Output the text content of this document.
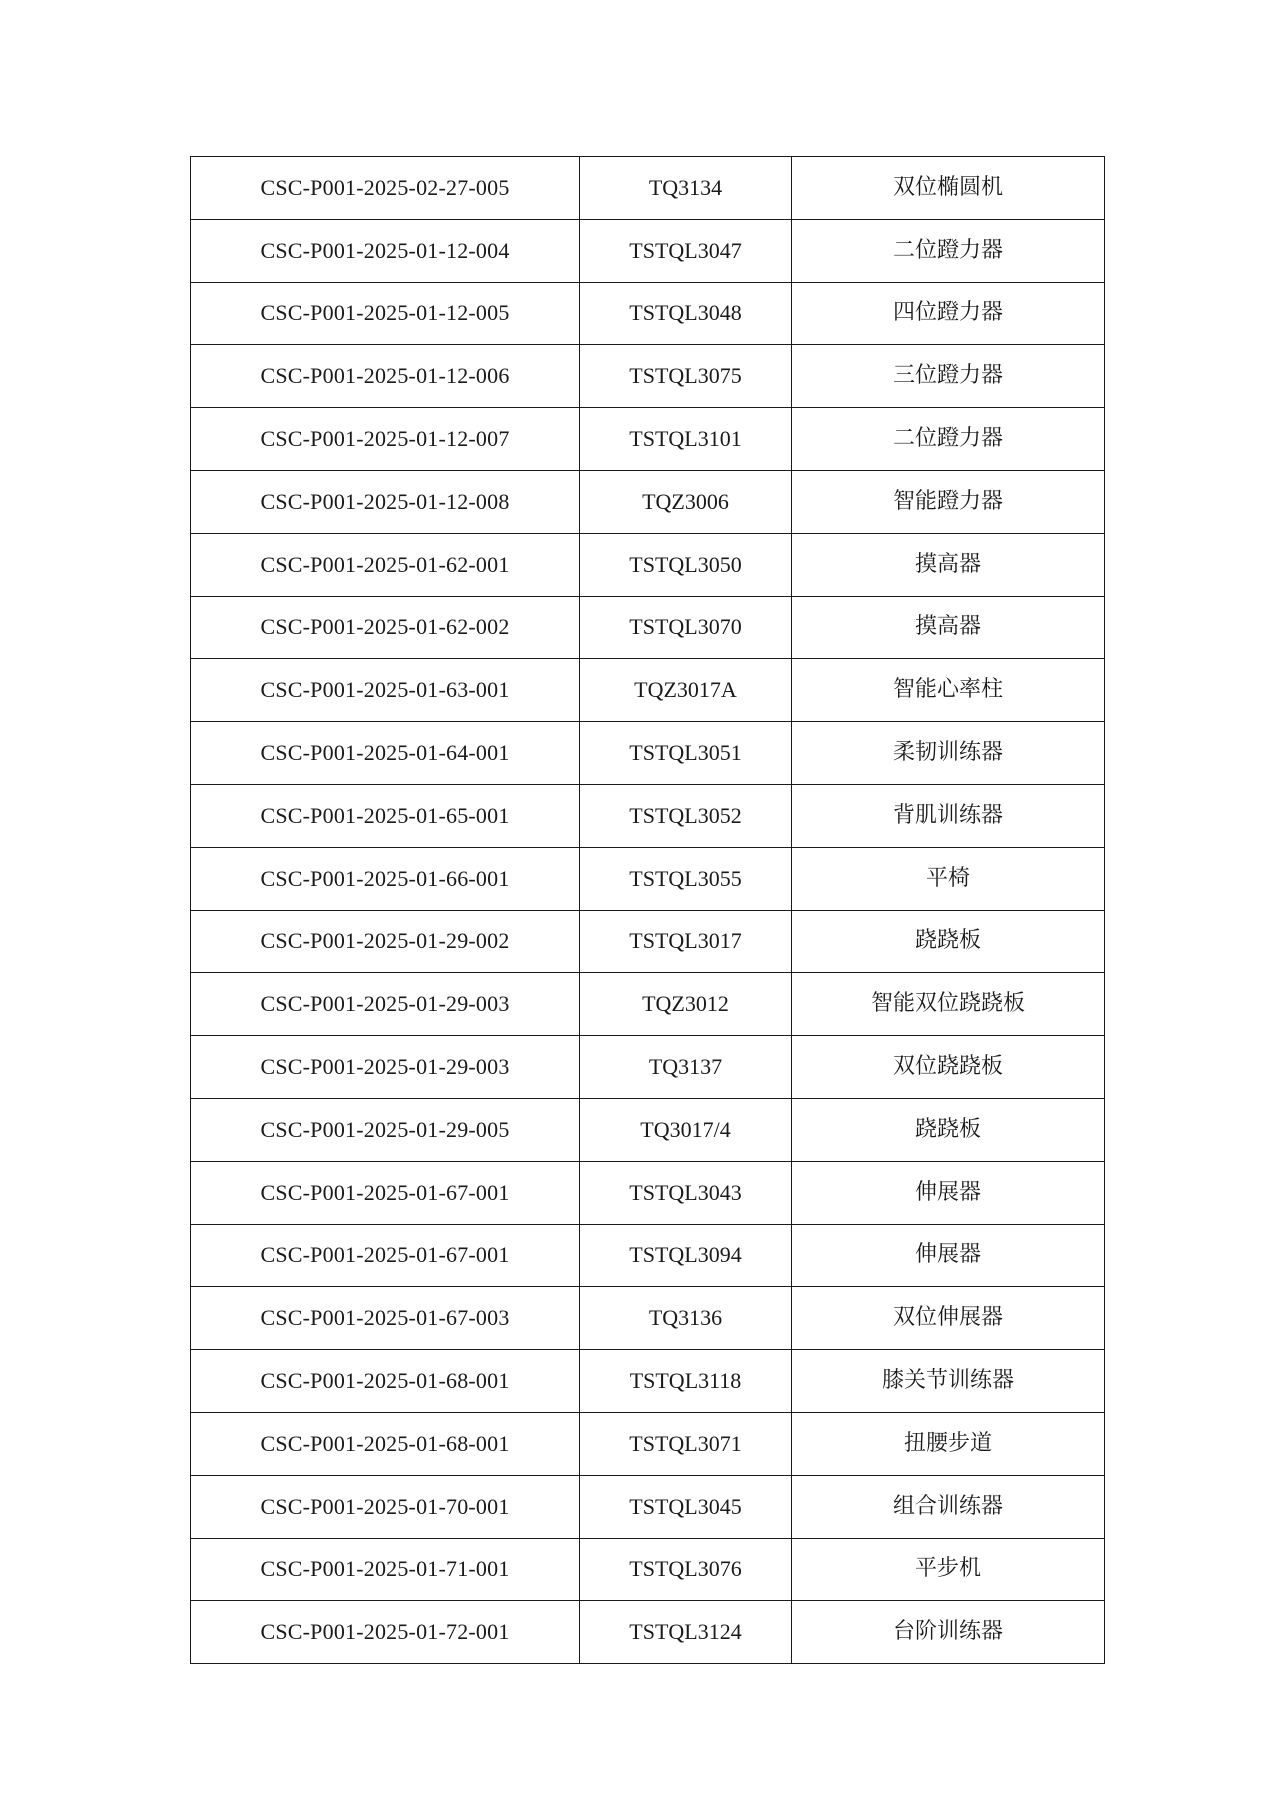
CSC-P001-2025-02-27-005	TQ3134	双位椭圆机
CSC-P001-2025-01-12-004	TSTQL3047	二位蹬力器
CSC-P001-2025-01-12-005	TSTQL3048	四位蹬力器
CSC-P001-2025-01-12-006	TSTQL3075	三位蹬力器
CSC-P001-2025-01-12-007	TSTQL3101	二位蹬力器
CSC-P001-2025-01-12-008	TQZ3006	智能蹬力器
CSC-P001-2025-01-62-001	TSTQL3050	摸高器
CSC-P001-2025-01-62-002	TSTQL3070	摸高器
CSC-P001-2025-01-63-001	TQZ3017A	智能心率柱
CSC-P001-2025-01-64-001	TSTQL3051	柔韧训练器
CSC-P001-2025-01-65-001	TSTQL3052	背肌训练器
CSC-P001-2025-01-66-001	TSTQL3055	平椅
CSC-P001-2025-01-29-002	TSTQL3017	跷跷板
CSC-P001-2025-01-29-003	TQZ3012	智能双位跷跷板
CSC-P001-2025-01-29-003	TQ3137	双位跷跷板
CSC-P001-2025-01-29-005	TQ3017/4	跷跷板
CSC-P001-2025-01-67-001	TSTQL3043	伸展器
CSC-P001-2025-01-67-001	TSTQL3094	伸展器
CSC-P001-2025-01-67-003	TQ3136	双位伸展器
CSC-P001-2025-01-68-001	TSTQL3118	膝关节训练器
CSC-P001-2025-01-68-001	TSTQL3071	扭腰步道
CSC-P001-2025-01-70-001	TSTQL3045	组合训练器
CSC-P001-2025-01-71-001	TSTQL3076	平步机
CSC-P001-2025-01-72-001	TSTQL3124	台阶训练器
